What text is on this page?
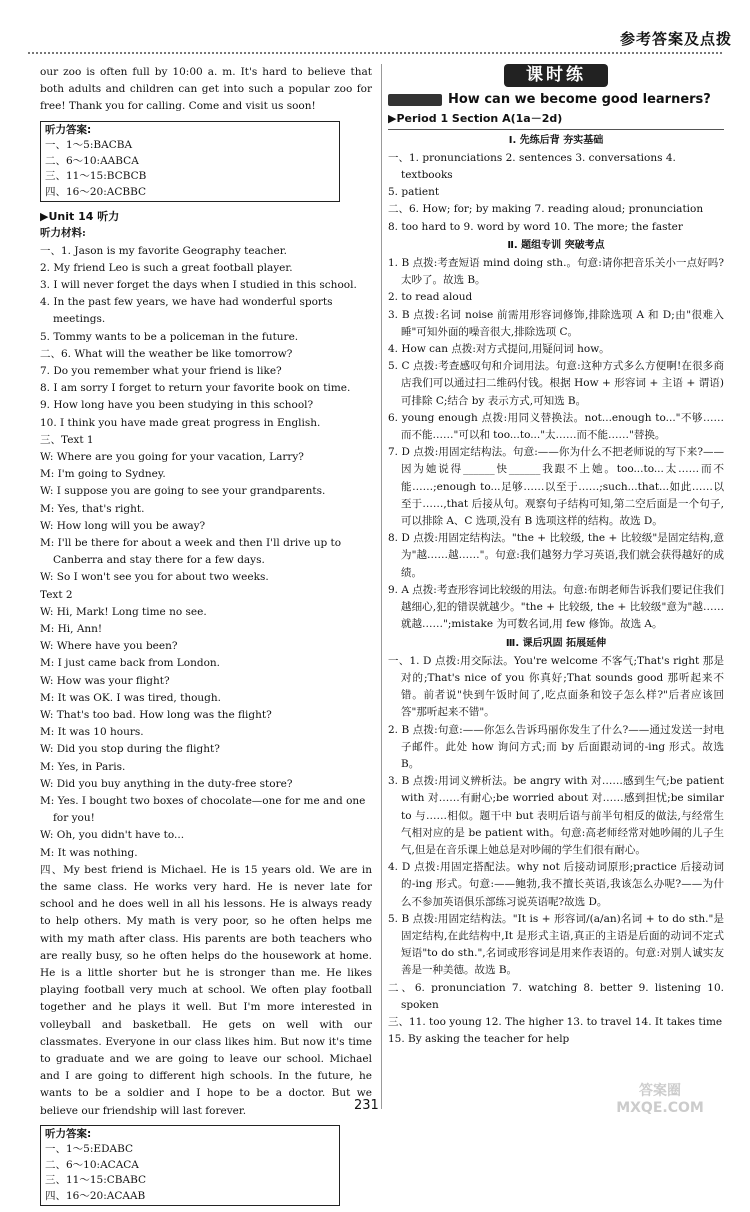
参考答案及点拨

our zoo is often full by 10:00 a. m. It's hard to believe that both adults and children can get into such a popular zoo for free! Thank you for calling. Come and visit us soon!

听力答案:

一、1～5:BACBA

二、6～10:AABCA

三、11～15:BCBCB

四、16～20:ACBBC

▶Unit 14 听力

听力材料:

一、1. Jason is my favorite Geography teacher.

2. My friend Leo is such a great football player.

3. I will never forget the days when I studied in this school.

4. In the past few years, we have had wonderful sports meetings.

5. Tommy wants to be a policeman in the future.

二、6. What will the weather be like tomorrow?

7. Do you remember what your friend is like?

8. I am sorry I forget to return your favorite book on time.

9. How long have you been studying in this school?

10. I think you have made great progress in English.

三、Text 1

W: Where are you going for your vacation, Larry?

M: I'm going to Sydney.

W: I suppose you are going to see your grandparents.

M: Yes, that's right.

W: How long will you be away?

M: I'll be there for about a week and then I'll drive up to Canberra and stay there for a few days.

W: So I won't see you for about two weeks.

Text 2

W: Hi, Mark! Long time no see.

M: Hi, Ann!

W: Where have you been?

M: I just came back from London.

W: How was your flight?

M: It was OK. I was tired, though.

W: That's too bad. How long was the flight?

M: It was 10 hours.

W: Did you stop during the flight?

M: Yes, in Paris.

W: Did you buy anything in the duty-free store?

M: Yes. I bought two boxes of chocolate—one for me and one for you!

W: Oh, you didn't have to...

M: It was nothing.

四、My best friend is Michael. He is 15 years old. We are in the same class. He works very hard. He is never late for school and he does well in all his lessons. He is always ready to help others. My math is very poor, so he often helps me with my math after class. His parents are both teachers who are really busy, so he often helps do the housework at home. He is a little shorter but he is stronger than me. He likes playing football very much at school. We often play football together and he plays it well. But I'm more interested in volleyball and basketball. He gets on well with our classmates. Everyone in our class likes him. But now it's time to graduate and we are going to leave our school. Michael and I are going to different high schools. In the future, he wants to be a soldier and I hope to be a doctor. But we believe our friendship will last forever.

听力答案:

一、1～5:EDABC

二、6～10:ACACA

三、11～15:CBABC

四、16～20:ACAAB

课时练

How can we become good learners?

▶Period 1 Section A(1a－2d)

Ⅰ. 先练后背 夯实基础

一、1. pronunciations 2. sentences 3. conversations 4. textbooks

5. patient

二、6. How; for; by making 7. reading aloud; pronunciation

8. too hard to 9. word by word 10. The more; the faster

Ⅱ. 题组专训 突破考点

1. B 点拨:考查短语 mind doing sth.。句意:请你把音乐关小一点好吗?太吵了。故选 B。

2. to read aloud

3. B 点拨:名词 noise 前需用形容词修饰,排除选项 A 和 D;由"很难入睡"可知外面的噪音很大,排除选项 C。

4. How can 点拨:对方式提问,用疑问词 how。

5. C 点拨:考查感叹句和介词用法。句意:这种方式多么方便啊!在很多商店我们可以通过扫二维码付钱。根据 How + 形容词 + 主语 + 谓语)可排除 C;结合 by 表示方式,可知选 B。

6. young enough 点拨:用同义替换法。not...enough to..."不够……而不能……"可以和 too...to..."太……而不能……"替换。

7. D 点拨:用固定结构法。句意:——你为什么不把老师说的写下来?——因为她说得______快______我跟不上她。too...to...太……而不能……;enough to...足够……以至于……;such...that...如此……以至于……,that 后接从句。观察句子结构可知,第二空后面是一个句子,可以排除 A、C 选项,没有 B 选项这样的结构。故选 D。

8. D 点拨:用固定结构法。"the + 比较级, the + 比较级"是固定结构,意为"越……越……"。句意:我们越努力学习英语,我们就会获得越好的成绩。

9. A 点拨:考查形容词比较级的用法。句意:布朗老师告诉我们要记住我们越细心,犯的错误就越少。"the + 比较级, the + 比较级"意为"越……就越……";mistake 为可数名词,用 few 修饰。故选 A。

Ⅲ. 课后巩固 拓展延伸

一、1. D 点拨:用交际法。You're welcome 不客气;That's right 那是对的;That's nice of you 你真好;That sounds good 那听起来不错。前者说"快到午饭时间了,吃点面条和饺子怎么样?"后者应该回答"那听起来不错"。

2. B 点拨:句意:——你怎么告诉玛丽你发生了什么?——通过发送一封电子邮件。此处 how 询问方式;而 by 后面跟动词的-ing 形式。故选 B。

3. B 点拨:用词义辨析法。be angry with 对……感到生气;be patient with 对……有耐心;be worried about 对……感到担忧;be similar to 与……相似。题干中 but 表明后语与前半句相反的做法,与经常生气相对应的是 be patient with。句意:高老师经常对她吵闹的儿子生气,但是在音乐课上她总是对吵闹的学生们很有耐心。

4. D 点拨:用固定搭配法。why not 后接动词原形;practice 后接动词的-ing 形式。句意:——鲍勃,我不擅长英语,我该怎么办呢?——为什么不参加英语俱乐部练习说英语呢?故选 D。

5. B 点拨:用固定结构法。"It is + 形容词/(a/an)名词 + to do sth."是固定结构,在此结构中,It 是形式主语,真正的主语是后面的动词不定式短语"to do sth.",名词或形容词是用来作表语的。句意:对别人诚实友善是一种美德。故选 B。

二、6. pronunciation 7. watching 8. better 9. listening 10. spoken

三、11. too young 12. The higher 13. to travel 14. It takes time

15. By asking the teacher for help

231
答案圈 MXQE.COM
